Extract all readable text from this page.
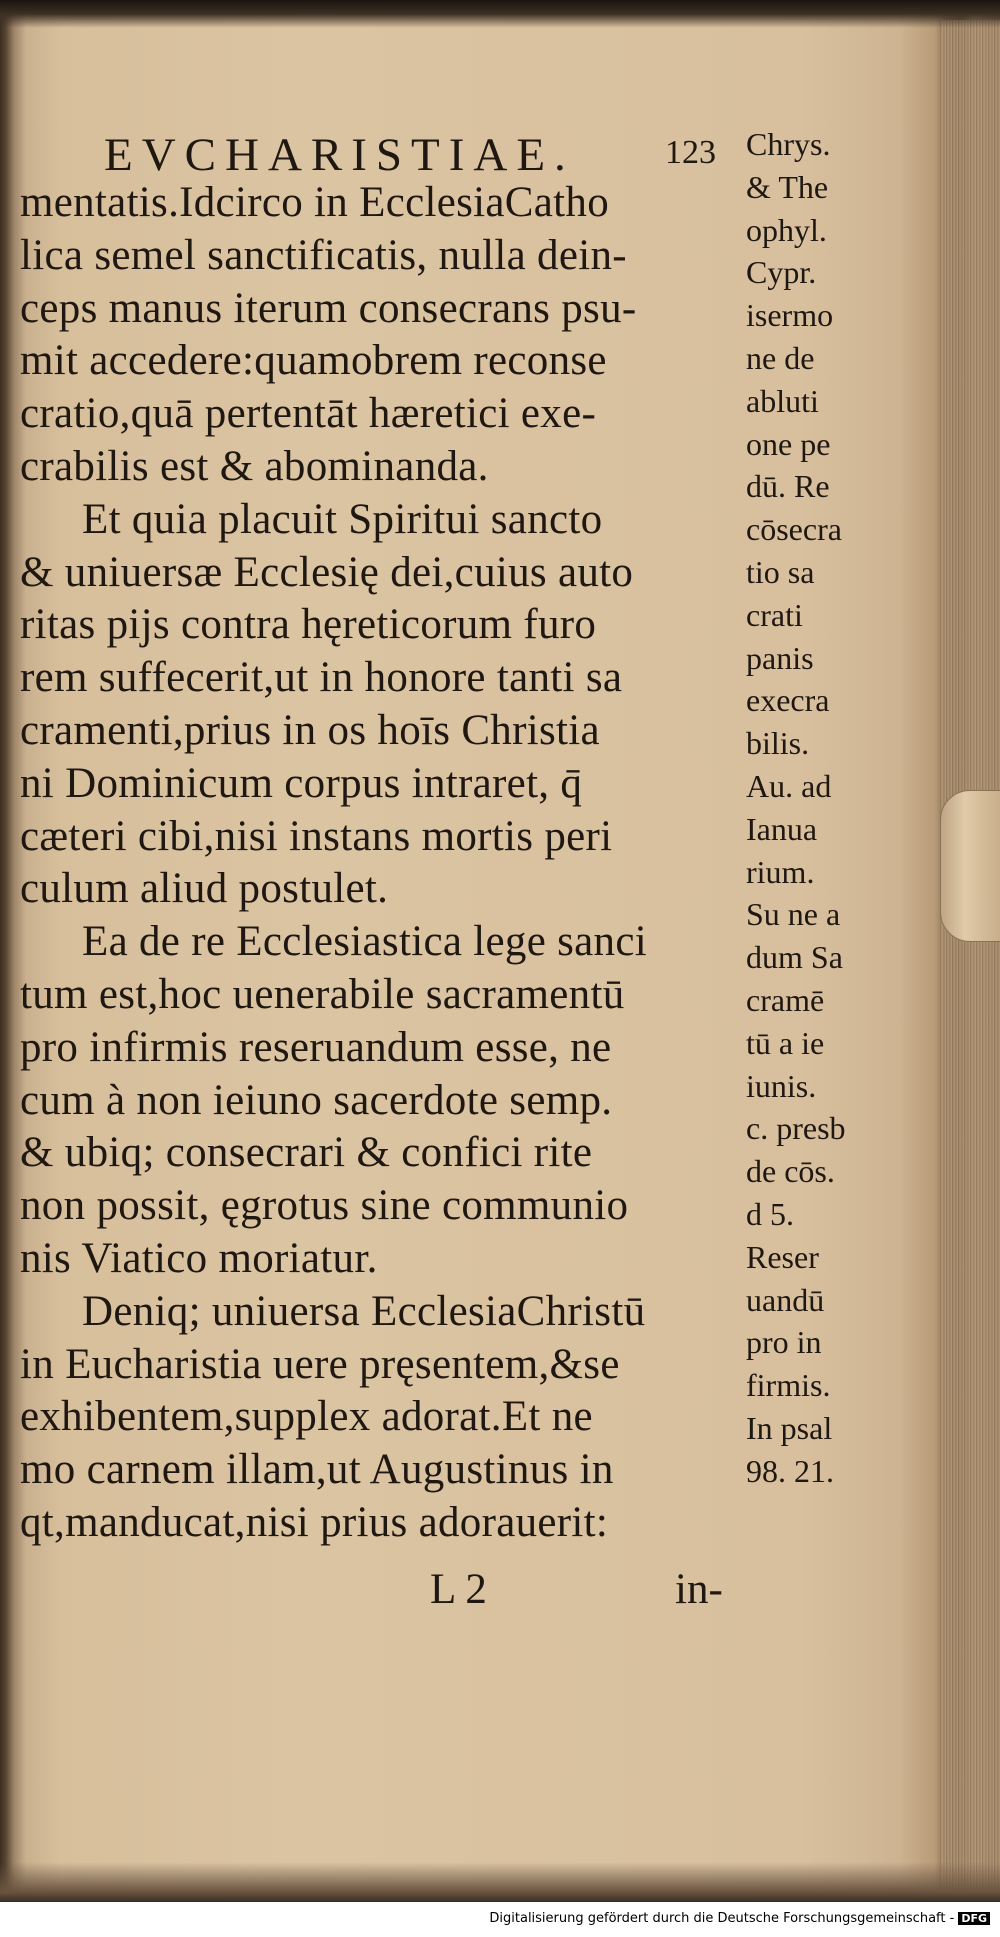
EVCHARISTIAE.	123
mentatis.Idcirco in EcclesiaCatho
lica semel sanctificatis, nulla dein-
ceps manus iterum consecrans psu-
mit accedere:quamobrem reconse
cratio,quā pertentāt hæretici exe-
crabilis est & abominanda.
Et quia placuit Spiritui sancto
& uniuersæ Ecclesię dei,cuius auto
ritas pijs contra hęreticorum furo
rem suffecerit,ut in honore tanti sa
cramenti,prius in os hoīs Christia
ni Dominicum corpus intraret, q̄
cæteri cibi,nisi instans mortis peri
culum aliud postulet.
Ea de re Ecclesiastica lege sanci
tum est,hoc uenerabile sacramentū
pro infirmis reseruandum esse, ne
cum à non ieiuno sacerdote semp.
& ubiq; consecrari & confici rite
non possit, ęgrotus sine communio
nis Viatico moriatur.
Deniq; uniuersa EcclesiaChristū
in Eucharistia uere pręsentem,&se
exhibentem,supplex adorat.Et ne
mo carnem illam,ut Augustinus in
qt,manducat,nisi prius adorauerit:
Chrys.
& The
ophyl.
Cypr.
isermo
ne de
abluti
one pe
dū. Re
cōsecra
tio sa
crati
panis
execra
bilis.
Au. ad
Ianua
rium.
Su ne a
dum Sa
cramē
tū a ie
iunis.
c. presb
de cōs.
d 5.
Reser
uandū
pro in
firmis.
In psal
98. 21.
L 2	in-
Digitalisierung gefördert durch die Deutsche Forschungsgemeinschaft - DFG
